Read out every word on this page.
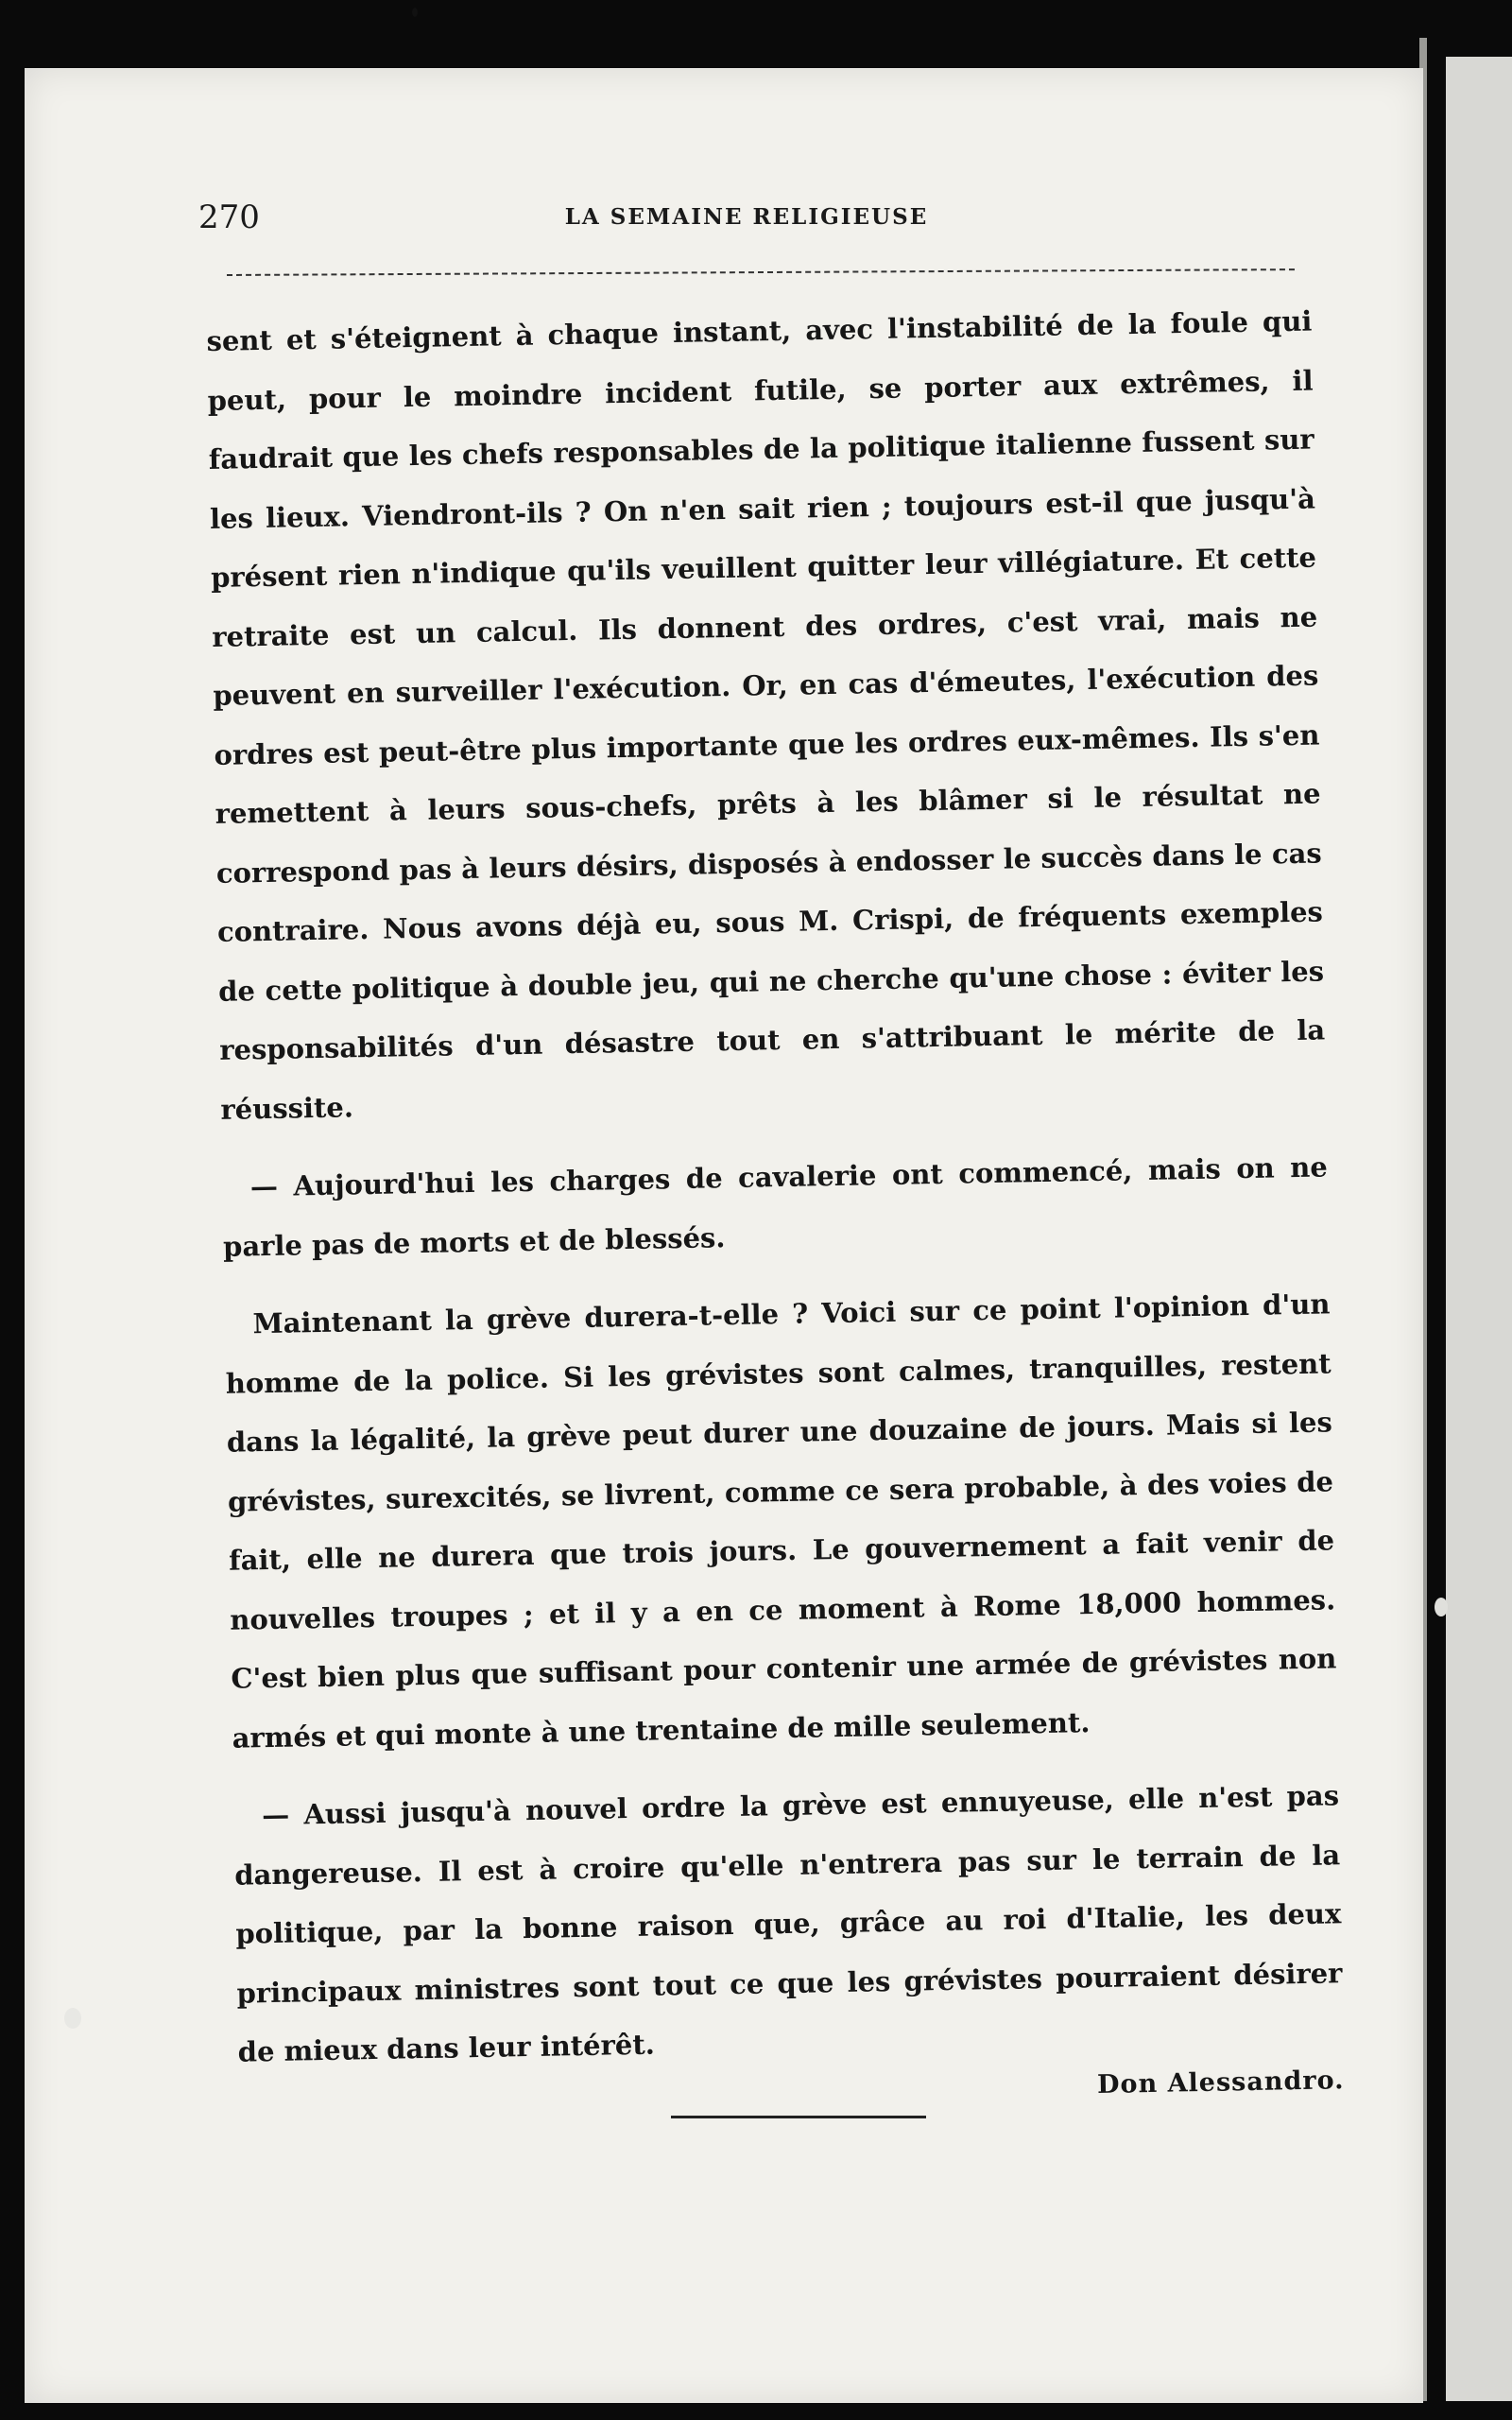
270	LA SEMAINE RELIGIEUSE

sent et s'éteignent à chaque instant, avec l'instabilité de la foule qui peut, pour le moindre incident futile, se porter aux extrêmes, il faudrait que les chefs responsables de la politique italienne fussent sur les lieux. Viendront-ils ? On n'en sait rien ; toujours est-il que jusqu'à présent rien n'indique qu'ils veuillent quitter leur villégiature. Et cette retraite est un calcul. Ils donnent des ordres, c'est vrai, mais ne peuvent en surveiller l'exécution. Or, en cas d'émeutes, l'exécution des ordres est peut-être plus importante que les ordres eux-mêmes. Ils s'en remettent à leurs sous-chefs, prêts à les blâmer si le résultat ne correspond pas à leurs désirs, disposés à endosser le succès dans le cas contraire. Nous avons déjà eu, sous M. Crispi, de fréquents exemples de cette politique à double jeu, qui ne cherche qu'une chose : éviter les responsabilités d'un désastre tout en s'attribuant le mérite de la réussite.

— Aujourd'hui les charges de cavalerie ont commencé, mais on ne parle pas de morts et de blessés.

Maintenant la grève durera-t-elle ? Voici sur ce point l'opinion d'un homme de la police. Si les grévistes sont calmes, tranquilles, restent dans la légalité, la grève peut durer une douzaine de jours. Mais si les grévistes, surexcités, se livrent, comme ce sera probable, à des voies de fait, elle ne durera que trois jours. Le gouvernement a fait venir de nouvelles troupes ; et il y a en ce moment à Rome 18,000 hommes. C'est bien plus que suffisant pour contenir une armée de grévistes non armés et qui monte à une trentaine de mille seulement.

— Aussi jusqu'à nouvel ordre la grève est ennuyeuse, elle n'est pas dangereuse. Il est à croire qu'elle n'entrera pas sur le terrain de la politique, par la bonne raison que, grâce au roi d'Italie, les deux principaux ministres sont tout ce que les grévistes pourraient désirer de mieux dans leur intérêt.

Don Alessandro.
